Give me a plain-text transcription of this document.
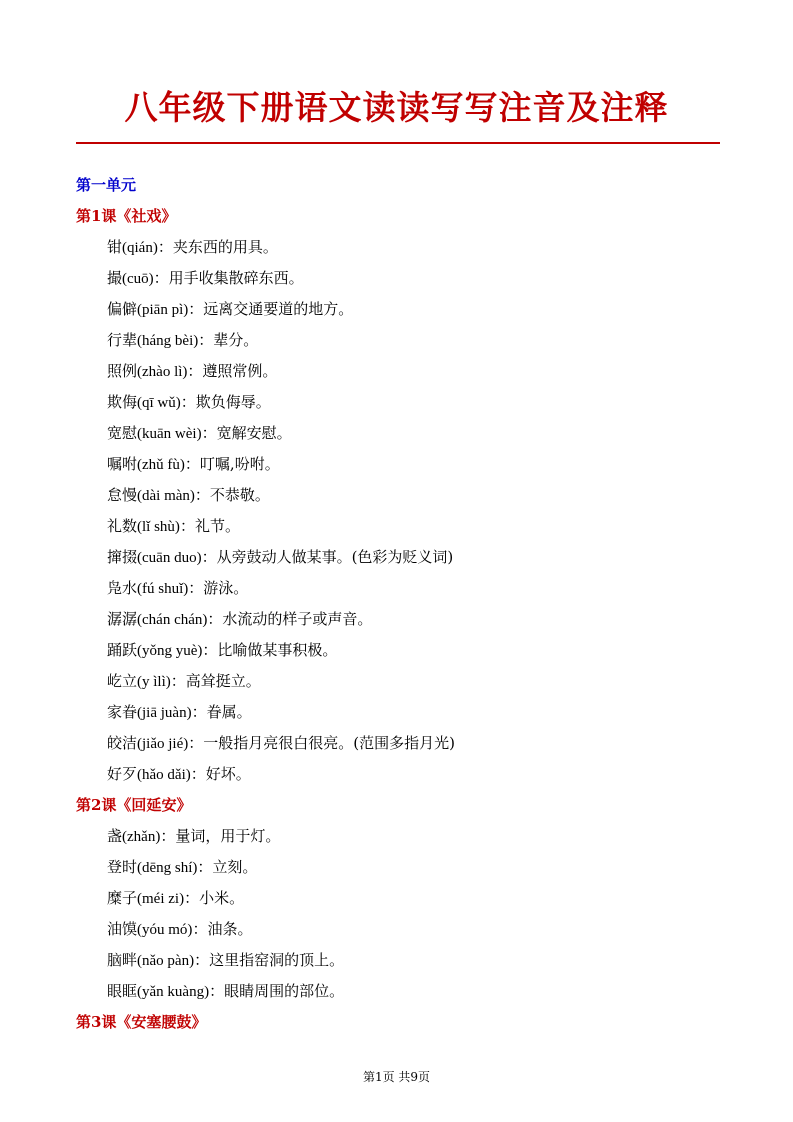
八年级下册语文读读写写注音及注释
第一单元
第1课《社戏》
钳(qián)：夹东西的用具。
撮(cuō)：用手收集散碎东西。
偏僻(piān pì)：远离交通要道的地方。
行辈(háng bèi)：辈分。
照例(zhào lì)：遵照常例。
欺侮(qī wǔ)：欺负侮辱。
宽慰(kuān wèi)：宽解安慰。
嘱咐(zhǔ fù)：叮嘱,吩咐。
怠慢(dài màn)：不恭敬。
礼数(lǐ shù)：礼节。
撺掇(cuān duo)：从旁鼓动人做某事。(色彩为贬义词)
凫水(fú shuǐ)：游泳。
潺潺(chán chán)：水流动的样子或声音。
踊跃(yǒng yuè)：比喻做某事积极。
屹立(y ìlì)：高耸挺立。
家眷(jiā juàn)：眷属。
皎洁(jiǎo jié)：一般指月亮很白很亮。(范围多指月光)
好歹(hǎo dǎi)：好坏。
第2课《回延安》
盏(zhǎn)：量词，用于灯。
登时(dēng shí)：立刻。
糜子(méi zi)：小米。
油馍(yóu mó)：油条。
脑畔(nǎo pàn)：这里指窑洞的顶上。
眼眶(yǎn kuàng)：眼睛周围的部位。
第3课《安塞腰鼓》
第1页 共9页
